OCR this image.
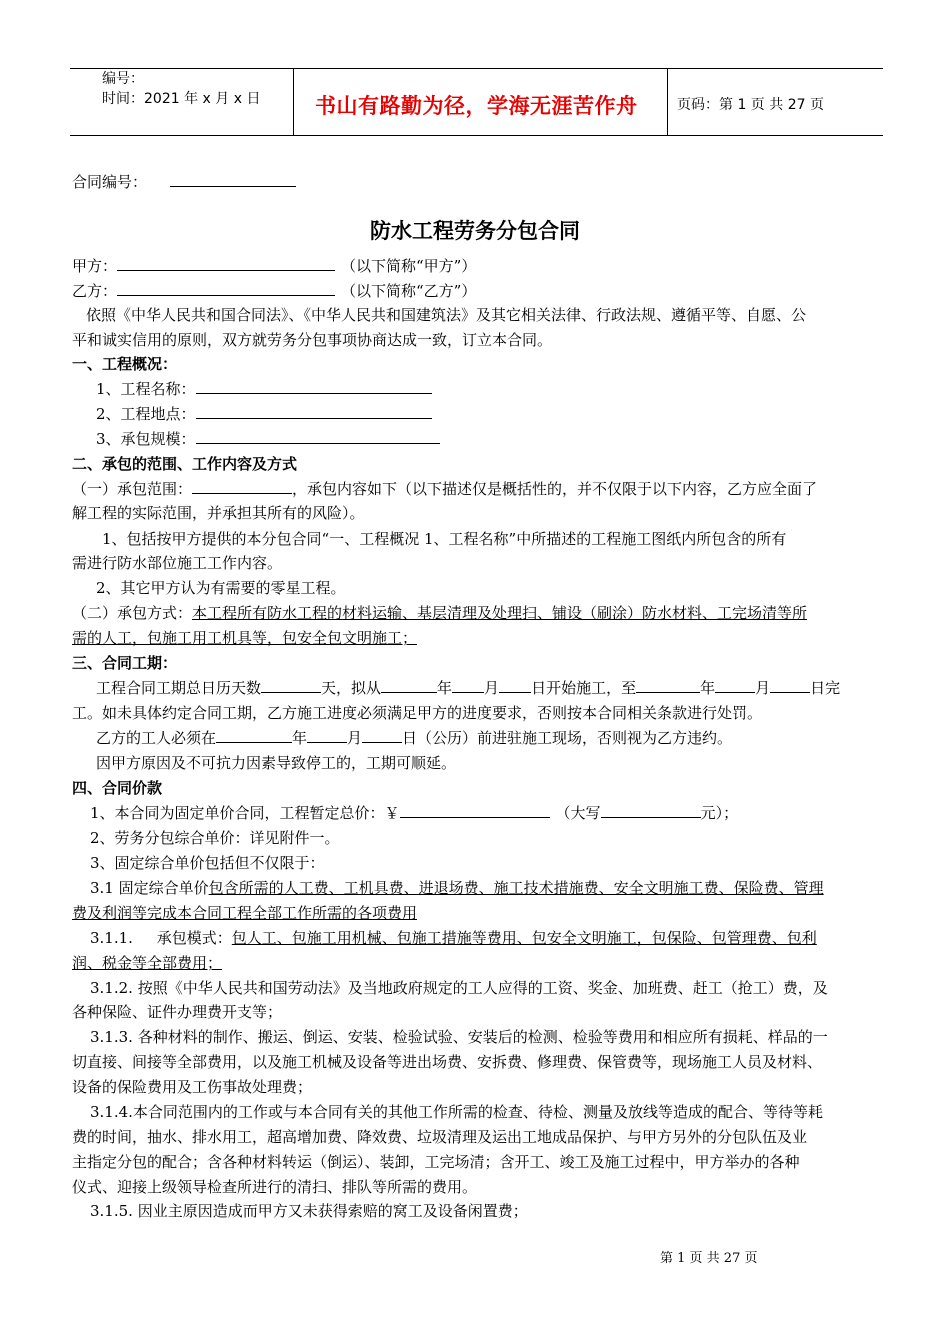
编号：
时间：2021 年 x 月 x 日	书山有路勤为径，学海无涯苦作舟	页码：第 1 页 共 27 页
合同编号：
防水工程劳务分包合同
甲方：	（以下简称“甲方”）
乙方：	（以下简称“乙方”）
依照《中华人民共和国合同法》、《中华人民共和国建筑法》及其它相关法律、行政法规、遵循平等、自愿、公
平和诚实信用的原则，双方就劳务分包事项协商达成一致，订立本合同。
一、工程概况：
1、工程名称：
2、工程地点：
3、承包规模：
二、承包的范围、工作内容及方式
（一）承包范围：	，承包内容如下（以下描述仅是概括性的，并不仅限于以下内容，乙方应全面了
解工程的实际范围，并承担其所有的风险）。
1、包括按甲方提供的本分包合同“一、工程概况 1、工程名称”中所描述的工程施工图纸内所包含的所有
需进行防水部位施工工作内容。
2、其它甲方认为有需要的零星工程。
（二）承包方式：本工程所有防水工程的材料运输、基层清理及处理扫、铺设（刷涂）防水材料、工完场清等所
需的人工，包施工用工机具等，包安全包文明施工；
三、合同工期：
工程合同工期总日历天数	天，拟从	年 月 日开始施工，至	年	月	日完
工。如未具体约定合同工期，乙方施工进度必须满足甲方的进度要求，否则按本合同相关条款进行处罚。
乙方的工人必须在	年	月	日（公历）前进驻施工现场，否则视为乙方违约。
因甲方原因及不可抗力因素导致停工的，工期可顺延。
四、合同价款
1、本合同为固定单价合同，工程暂定总价：￥	（大写	元）；
2、劳务分包综合单价：详见附件一。
3、固定综合单价包括但不仅限于：
3.1 固定综合单价包含所需的人工费、工机具费、进退场费、施工技术措施费、安全文明施工费、保险费、管理
费及利润等完成本合同工程全部工作所需的各项费用
3.1.1.     承包模式：包人工、包施工用机械、包施工措施等费用、包安全文明施工，包保险、包管理费、包利
润、税金等全部费用；
3.1.2. 按照《中华人民共和国劳动法》及当地政府规定的工人应得的工资、奖金、加班费、赶工（抢工）费，及
各种保险、证件办理费开支等；
3.1.3. 各种材料的制作、搬运、倒运、安装、检验试验、安装后的检测、检验等费用和相应所有损耗、样品的一
切直接、间接等全部费用，以及施工机械及设备等进出场费、安拆费、修理费、保管费等，现场施工人员及材料、
设备的保险费用及工伤事故处理费；
3.1.4.本合同范围内的工作或与本合同有关的其他工作所需的检查、待检、测量及放线等造成的配合、等待等耗
费的时间，抽水、排水用工，超高增加费、降效费、垃圾清理及运出工地成品保护、与甲方另外的分包队伍及业
主指定分包的配合；含各种材料转运（倒运）、装卸，工完场清；含开工、竣工及施工过程中，甲方举办的各种
仪式、迎接上级领导检查所进行的清扫、排队等所需的费用。
3.1.5. 因业主原因造成而甲方又未获得索赔的窝工及设备闲置费；
第 1 页 共 27 页
